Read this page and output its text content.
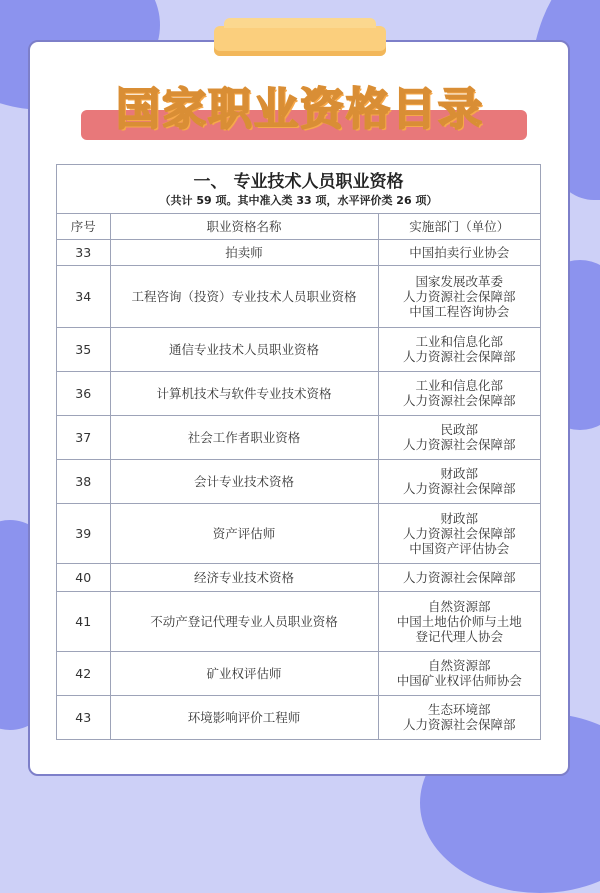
国家职业资格目录
一、 专业技术人员职业资格
（共计 59 项。其中准入类 33 项，水平评价类 26 项）
序号	职业资格名称	实施部门（单位）
33	拍卖师	中国拍卖行业协会

34	工程咨询（投资）专业技术人员职业资格	国家发展改革委
人力资源社会保障部
中国工程咨询协会

35	通信专业技术人员职业资格	工业和信息化部
人力资源社会保障部

36	计算机技术与软件专业技术资格	工业和信息化部
人力资源社会保障部

37	社会工作者职业资格	民政部
人力资源社会保障部

38	会计专业技术资格	财政部
人力资源社会保障部

39	资产评估师	财政部
人力资源社会保障部
中国资产评估协会

40	经济专业技术资格	人力资源社会保障部

41	不动产登记代理专业人员职业资格	自然资源部
中国土地估价师与土地
登记代理人协会

42	矿业权评估师	自然资源部
中国矿业权评估师协会

43	环境影响评价工程师	生态环境部
人力资源社会保障部
